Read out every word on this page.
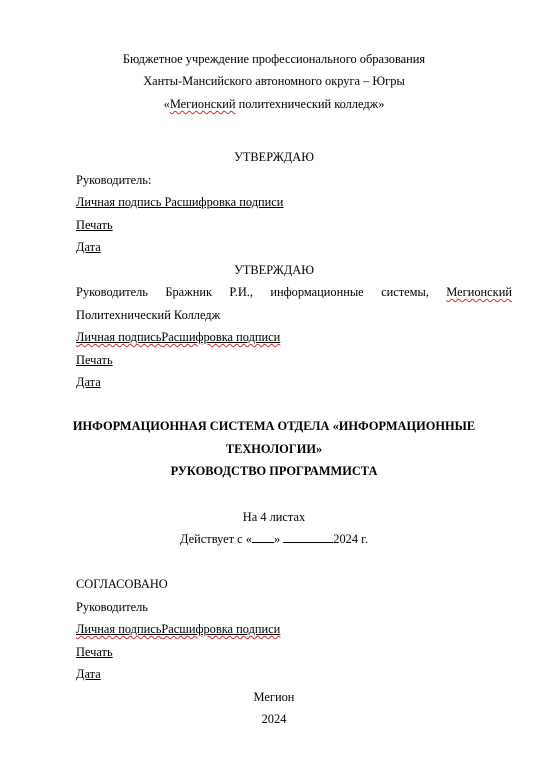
Бюджетное учреждение профессионального образования
Ханты-Мансийского автономного округа – Югры
«Мегионский политехнический колледж»
УТВЕРЖДАЮ
Руководитель:
Личная подпись Расшифровка подписи
Печать
Дата
УТВЕРЖДАЮ
Руководитель Бражник Р.И., информационные системы, Мегионский
Политехнический Колледж
Личная подписьРасшифровка подписи
Печать
Дата
ИНФОРМАЦИОННАЯ СИСТЕМА ОТДЕЛА «ИНФОРМАЦИОННЫЕ
ТЕХНОЛОГИИ»
РУКОВОДСТВО ПРОГРАММИСТА
На 4 листах
Действует с « »	2024 г.
СОГЛАСОВАНО
Руководитель
Личная подписьРасшифровка подписи
Печать
Дата
Мегион
2024
